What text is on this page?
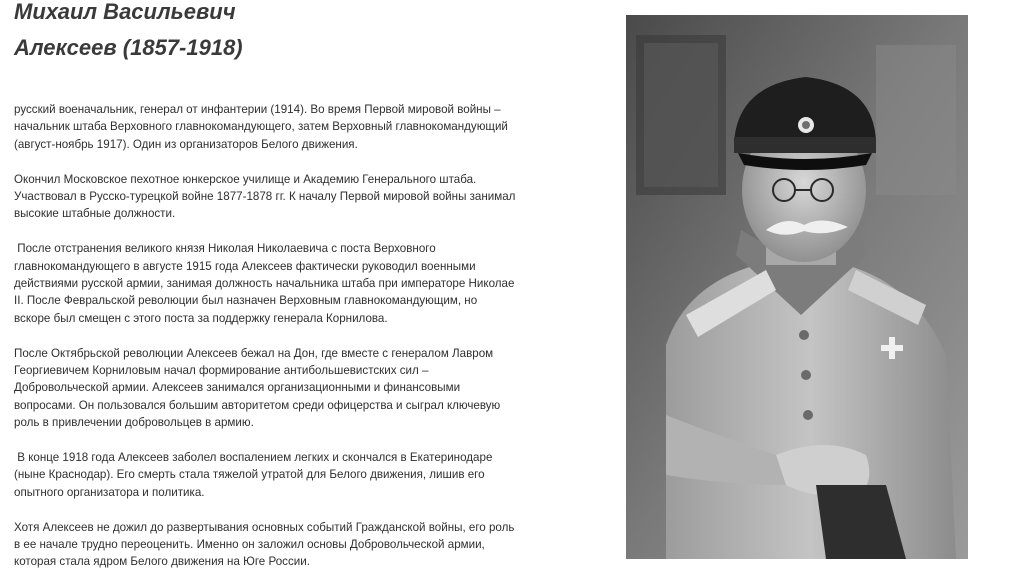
Михаил Васильевич
Алексеев (1857-1918)

русский военачальник, генерал от инфантерии (1914). Во время Первой мировой войны –
начальник штаба Верховного главнокомандующего, затем Верховный главнокомандующий
(август-ноябрь 1917). Один из организаторов Белого движения.

Окончил Московское пехотное юнкерское училище и Академию Генерального штаба.
Участвовал в Русско-турецкой войне 1877-1878 гг. К началу Первой мировой войны занимал
высокие штабные должности.

После отстранения великого князя Николая Николаевича с поста Верховного
главнокомандующего в августе 1915 года Алексеев фактически руководил военными
действиями русской армии, занимая должность начальника штаба при императоре Николае
II. После Февральской революции был назначен Верховным главнокомандующим, но
вскоре был смещен с этого поста за поддержку генерала Корнилова.

После Октябрьской революции Алексеев бежал на Дон, где вместе с генералом Лавром
Георгиевичем Корниловым начал формирование антибольшевистских сил –
Добровольческой армии. Алексеев занимался организационными и финансовыми
вопросами. Он пользовался большим авторитетом среди офицерства и сыграл ключевую
роль в привлечении добровольцев в армию.

В конце 1918 года Алексеев заболел воспалением легких и скончался в Екатеринодаре
(ныне Краснодар). Его смерть стала тяжелой утратой для Белого движения, лишив его
опытного организатора и политика.

Хотя Алексеев не дожил до развертывания основных событий Гражданской войны, его роль
в ее начале трудно переоценить. Именно он заложил основы Добровольческой армии,
которая стала ядром Белого движения на Юге России.
